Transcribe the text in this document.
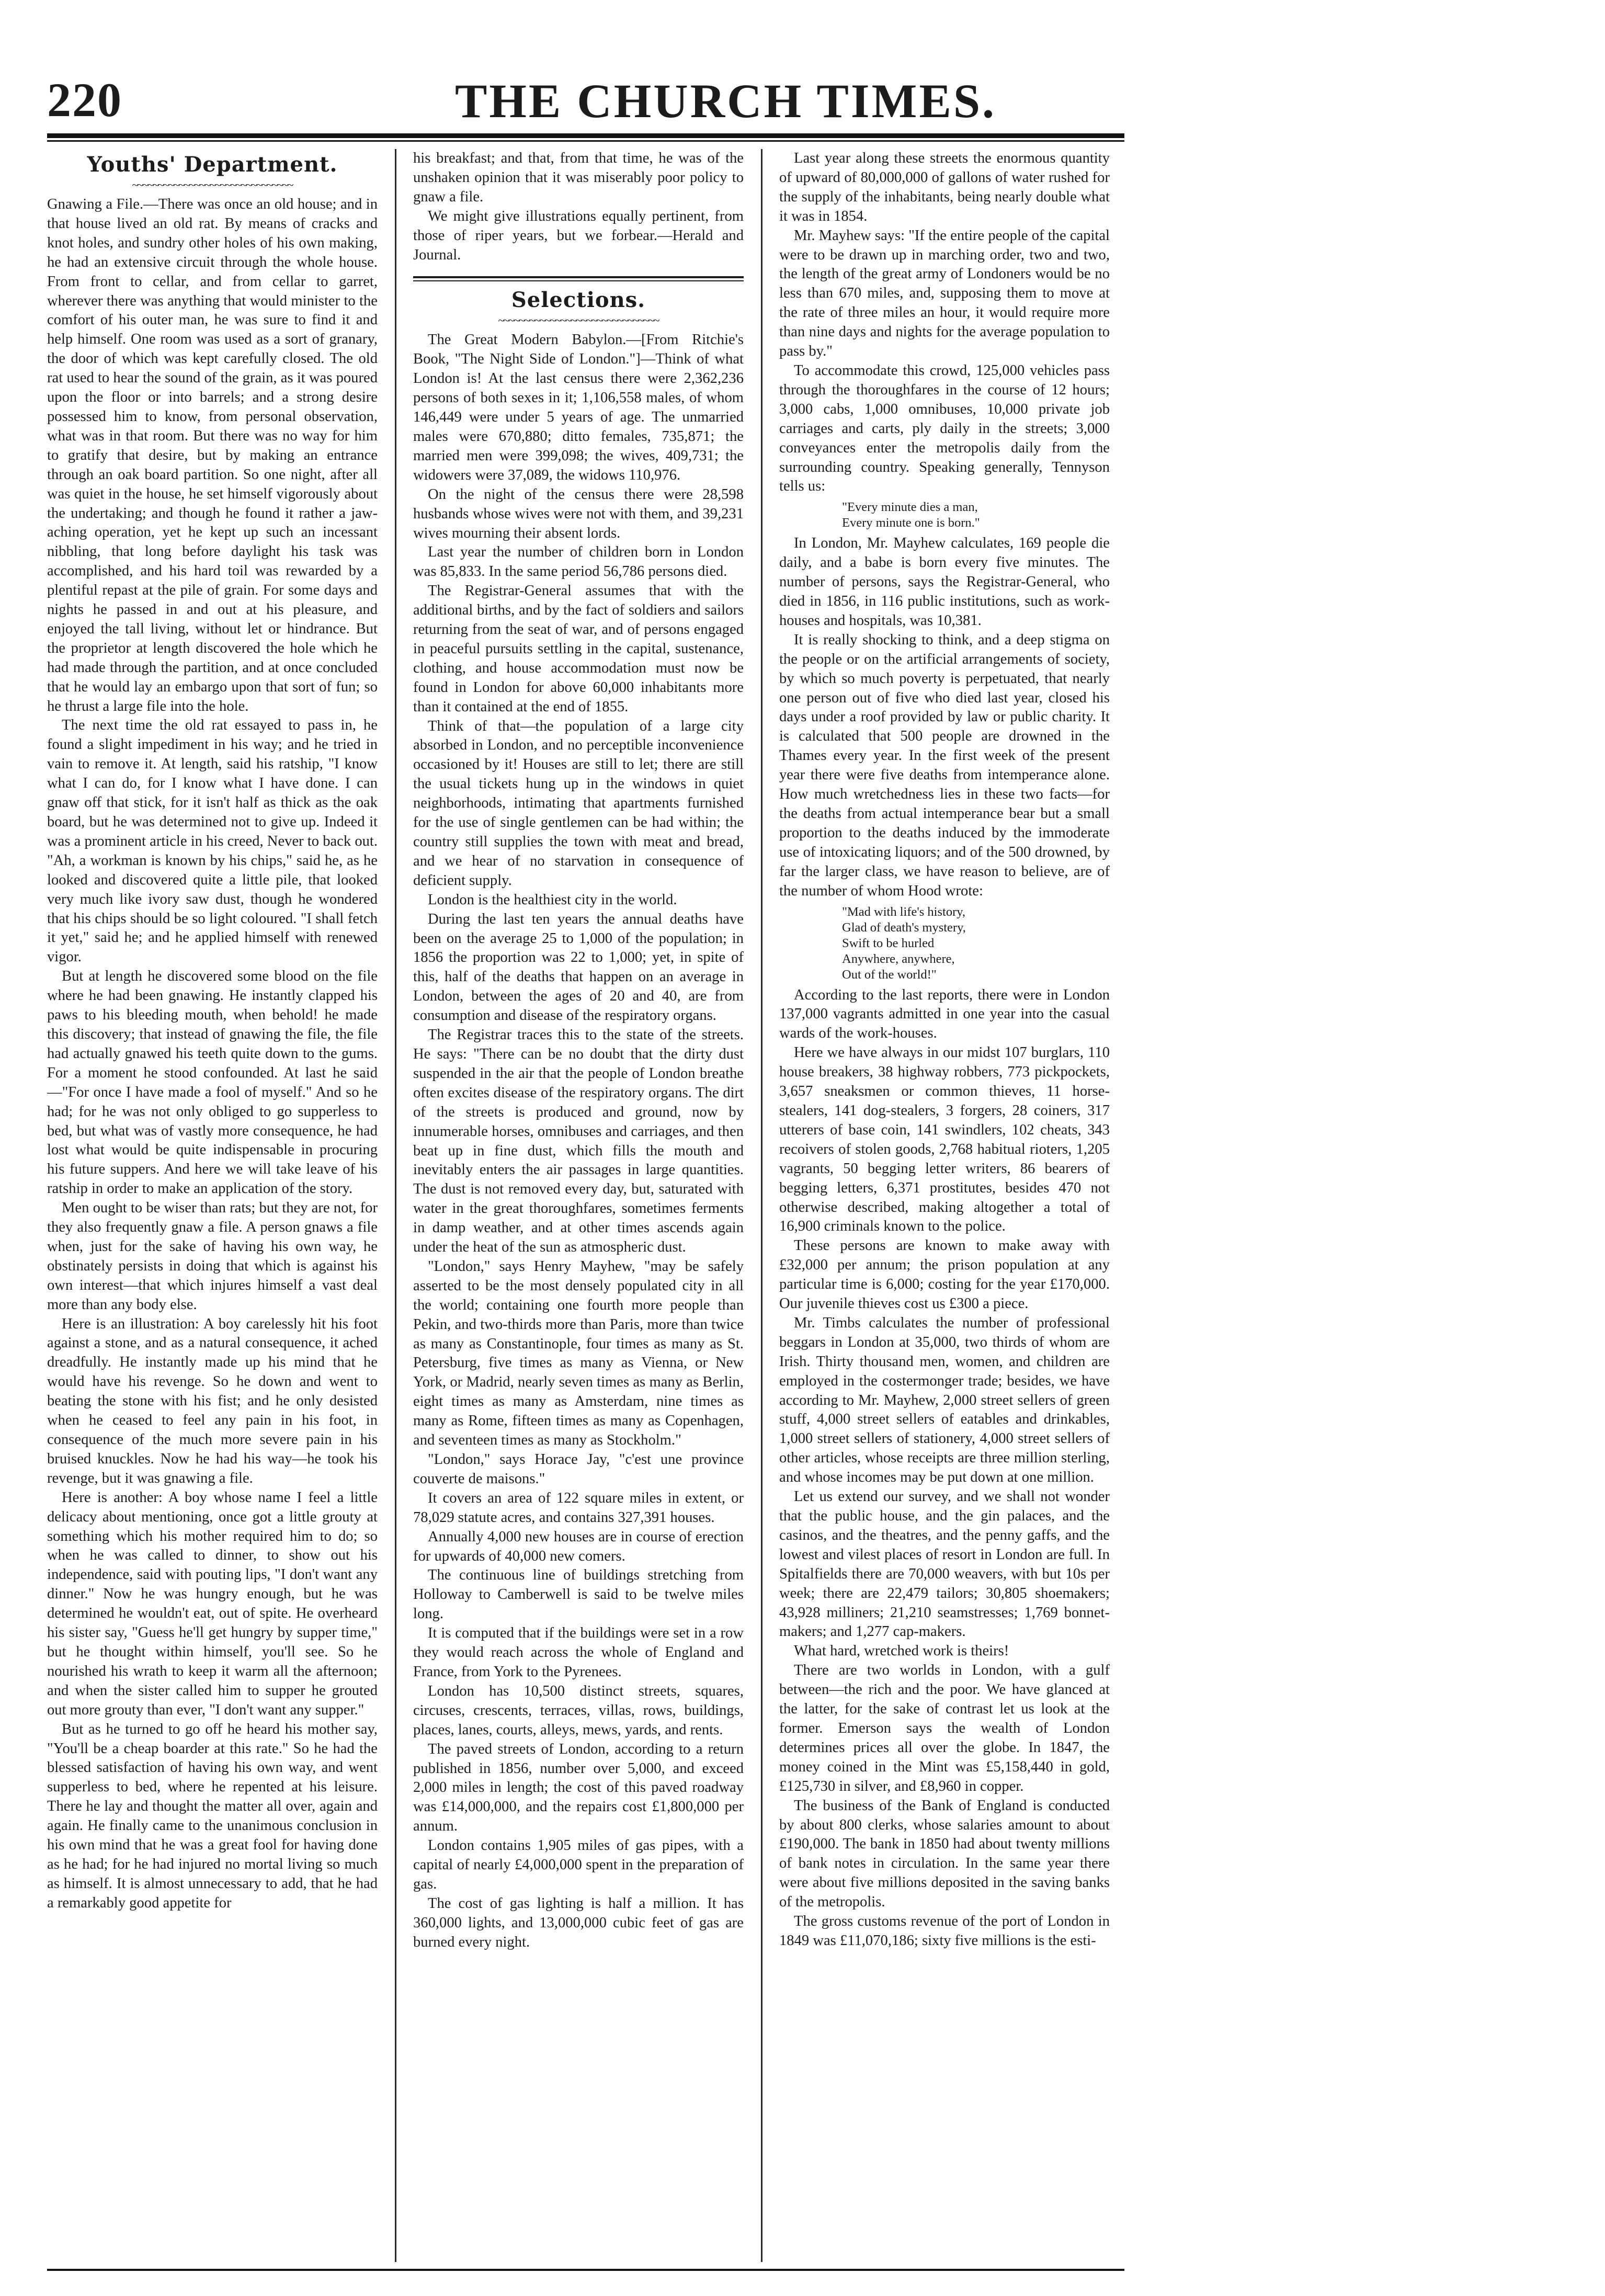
220	THE CHURCH TIMES.
Youths' Department.
~~~~~~~~~~~~~~~~~~~~~~~~~~~~~~~

Gnawing a File.—There was once an old house; and in that house lived an old rat. By means of cracks and knot holes, and sundry other holes of his own making, he had an extensive circuit through the whole house. From front to cellar, and from cellar to garret, wherever there was anything that would minister to the comfort of his outer man, he was sure to find it and help himself. One room was used as a sort of granary, the door of which was kept carefully closed. The old rat used to hear the sound of the grain, as it was poured upon the floor or into barrels; and a strong desire possessed him to know, from personal observation, what was in that room. But there was no way for him to gratify that desire, but by making an entrance through an oak board partition. So one night, after all was quiet in the house, he set himself vigorously about the undertaking; and though he found it rather a jaw-aching operation, yet he kept up such an incessant nibbling, that long before daylight his task was accomplished, and his hard toil was rewarded by a plentiful repast at the pile of grain. For some days and nights he passed in and out at his pleasure, and enjoyed the tall living, without let or hindrance. But the proprietor at length discovered the hole which he had made through the partition, and at once concluded that he would lay an embargo upon that sort of fun; so he thrust a large file into the hole.

The next time the old rat essayed to pass in, he found a slight impediment in his way; and he tried in vain to remove it. At length, said his ratship, "I know what I can do, for I know what I have done. I can gnaw off that stick, for it isn't half as thick as the oak board, but he was determined not to give up. Indeed it was a prominent article in his creed, Never to back out. "Ah, a workman is known by his chips," said he, as he looked and discovered quite a little pile, that looked very much like ivory saw dust, though he wondered that his chips should be so light coloured. "I shall fetch it yet," said he; and he applied himself with renewed vigor.

But at length he discovered some blood on the file where he had been gnawing. He instantly clapped his paws to his bleeding mouth, when behold! he made this discovery; that instead of gnawing the file, the file had actually gnawed his teeth quite down to the gums. For a moment he stood confounded. At last he said—"For once I have made a fool of myself." And so he had; for he was not only obliged to go supperless to bed, but what was of vastly more consequence, he had lost what would be quite indispensable in procuring his future suppers. And here we will take leave of his ratship in order to make an application of the story.

Men ought to be wiser than rats; but they are not, for they also frequently gnaw a file. A person gnaws a file when, just for the sake of having his own way, he obstinately persists in doing that which is against his own interest—that which injures himself a vast deal more than any body else.

Here is an illustration: A boy carelessly hit his foot against a stone, and as a natural consequence, it ached dreadfully. He instantly made up his mind that he would have his revenge. So he down and went to beating the stone with his fist; and he only desisted when he ceased to feel any pain in his foot, in consequence of the much more severe pain in his bruised knuckles. Now he had his way—he took his revenge, but it was gnawing a file.

Here is another: A boy whose name I feel a little delicacy about mentioning, once got a little grouty at something which his mother required him to do; so when he was called to dinner, to show out his independence, said with pouting lips, "I don't want any dinner." Now he was hungry enough, but he was determined he wouldn't eat, out of spite. He overheard his sister say, "Guess he'll get hungry by supper time," but he thought within himself, you'll see. So he nourished his wrath to keep it warm all the afternoon; and when the sister called him to supper he grouted out more grouty than ever, "I don't want any supper."

But as he turned to go off he heard his mother say, "You'll be a cheap boarder at this rate." So he had the blessed satisfaction of having his own way, and went supperless to bed, where he repented at his leisure. There he lay and thought the matter all over, again and again. He finally came to the unanimous conclusion in his own mind that he was a great fool for having done as he had; for he had injured no mortal living so much as himself. It is almost unnecessary to add, that he had a remarkably good appetite for

his breakfast; and that, from that time, he was of the unshaken opinion that it was miserably poor policy to gnaw a file.

We might give illustrations equally pertinent, from those of riper years, but we forbear.—Herald and Journal.

Selections.
~~~~~~~~~~~~~~~~~~~~~~~~~~~~~~~

The Great Modern Babylon.—[From Ritchie's Book, "The Night Side of London."]—Think of what London is! At the last census there were 2,362,236 persons of both sexes in it; 1,106,558 males, of whom 146,449 were under 5 years of age. The unmarried males were 670,880; ditto females, 735,871; the married men were 399,098; the wives, 409,731; the widowers were 37,089, the widows 110,976.

On the night of the census there were 28,598 husbands whose wives were not with them, and 39,231 wives mourning their absent lords.

Last year the number of children born in London was 85,833. In the same period 56,786 persons died.

The Registrar-General assumes that with the additional births, and by the fact of soldiers and sailors returning from the seat of war, and of persons engaged in peaceful pursuits settling in the capital, sustenance, clothing, and house accommodation must now be found in London for above 60,000 inhabitants more than it contained at the end of 1855.

Think of that—the population of a large city absorbed in London, and no perceptible inconvenience occasioned by it! Houses are still to let; there are still the usual tickets hung up in the windows in quiet neighborhoods, intimating that apartments furnished for the use of single gentlemen can be had within; the country still supplies the town with meat and bread, and we hear of no starvation in consequence of deficient supply.

London is the healthiest city in the world.

During the last ten years the annual deaths have been on the average 25 to 1,000 of the population; in 1856 the proportion was 22 to 1,000; yet, in spite of this, half of the deaths that happen on an average in London, between the ages of 20 and 40, are from consumption and disease of the respiratory organs.

The Registrar traces this to the state of the streets. He says: "There can be no doubt that the dirty dust suspended in the air that the people of London breathe often excites disease of the respiratory organs. The dirt of the streets is produced and ground, now by innumerable horses, omnibuses and carriages, and then beat up in fine dust, which fills the mouth and inevitably enters the air passages in large quantities. The dust is not removed every day, but, saturated with water in the great thoroughfares, sometimes ferments in damp weather, and at other times ascends again under the heat of the sun as atmospheric dust.

"London," says Henry Mayhew, "may be safely asserted to be the most densely populated city in all the world; containing one fourth more people than Pekin, and two-thirds more than Paris, more than twice as many as Constantinople, four times as many as St. Petersburg, five times as many as Vienna, or New York, or Madrid, nearly seven times as many as Berlin, eight times as many as Amsterdam, nine times as many as Rome, fifteen times as many as Copenhagen, and seventeen times as many as Stockholm."

"London," says Horace Jay, "c'est une province couverte de maisons."

It covers an area of 122 square miles in extent, or 78,029 statute acres, and contains 327,391 houses.

Annually 4,000 new houses are in course of erection for upwards of 40,000 new comers.

The continuous line of buildings stretching from Holloway to Camberwell is said to be twelve miles long.

It is computed that if the buildings were set in a row they would reach across the whole of England and France, from York to the Pyrenees.

London has 10,500 distinct streets, squares, circuses, crescents, terraces, villas, rows, buildings, places, lanes, courts, alleys, mews, yards, and rents.

The paved streets of London, according to a return published in 1856, number over 5,000, and exceed 2,000 miles in length; the cost of this paved roadway was £14,000,000, and the repairs cost £1,800,000 per annum.

London contains 1,905 miles of gas pipes, with a capital of nearly £4,000,000 spent in the preparation of gas.

The cost of gas lighting is half a million. It has 360,000 lights, and 13,000,000 cubic feet of gas are burned every night.

Last year along these streets the enormous quantity of upward of 80,000,000 of gallons of water rushed for the supply of the inhabitants, being nearly double what it was in 1854.

Mr. Mayhew says: "If the entire people of the capital were to be drawn up in marching order, two and two, the length of the great army of Londoners would be no less than 670 miles, and, supposing them to move at the rate of three miles an hour, it would require more than nine days and nights for the average population to pass by."

To accommodate this crowd, 125,000 vehicles pass through the thoroughfares in the course of 12 hours; 3,000 cabs, 1,000 omnibuses, 10,000 private job carriages and carts, ply daily in the streets; 3,000 conveyances enter the metropolis daily from the surrounding country. Speaking generally, Tennyson tells us:

"Every minute dies a man,
Every minute one is born."

In London, Mr. Mayhew calculates, 169 people die daily, and a babe is born every five minutes. The number of persons, says the Registrar-General, who died in 1856, in 116 public institutions, such as work-houses and hospitals, was 10,381.

It is really shocking to think, and a deep stigma on the people or on the artificial arrangements of society, by which so much poverty is perpetuated, that nearly one person out of five who died last year, closed his days under a roof provided by law or public charity. It is calculated that 500 people are drowned in the Thames every year. In the first week of the present year there were five deaths from intemperance alone. How much wretchedness lies in these two facts—for the deaths from actual intemperance bear but a small proportion to the deaths induced by the immoderate use of intoxicating liquors; and of the 500 drowned, by far the larger class, we have reason to believe, are of the number of whom Hood wrote:

"Mad with life's history,
Glad of death's mystery,
Swift to be hurled
Anywhere, anywhere,
Out of the world!"

According to the last reports, there were in London 137,000 vagrants admitted in one year into the casual wards of the work-houses.

Here we have always in our midst 107 burglars, 110 house breakers, 38 highway robbers, 773 pickpockets, 3,657 sneaksmen or common thieves, 11 horse-stealers, 141 dog-stealers, 3 forgers, 28 coiners, 317 utterers of base coin, 141 swindlers, 102 cheats, 343 recoivers of stolen goods, 2,768 habitual rioters, 1,205 vagrants, 50 begging letter writers, 86 bearers of begging letters, 6,371 prostitutes, besides 470 not otherwise described, making altogether a total of 16,900 criminals known to the police.

These persons are known to make away with £32,000 per annum; the prison population at any particular time is 6,000; costing for the year £170,000. Our juvenile thieves cost us £300 a piece.

Mr. Timbs calculates the number of professional beggars in London at 35,000, two thirds of whom are Irish. Thirty thousand men, women, and children are employed in the costermonger trade; besides, we have according to Mr. Mayhew, 2,000 street sellers of green stuff, 4,000 street sellers of eatables and drinkables, 1,000 street sellers of stationery, 4,000 street sellers of other articles, whose receipts are three million sterling, and whose incomes may be put down at one million.

Let us extend our survey, and we shall not wonder that the public house, and the gin palaces, and the casinos, and the theatres, and the penny gaffs, and the lowest and vilest places of resort in London are full. In Spitalfields there are 70,000 weavers, with but 10s per week; there are 22,479 tailors; 30,805 shoemakers; 43,928 milliners; 21,210 seamstresses; 1,769 bonnet-makers; and 1,277 cap-makers.

What hard, wretched work is theirs!

There are two worlds in London, with a gulf between—the rich and the poor. We have glanced at the latter, for the sake of contrast let us look at the former. Emerson says the wealth of London determines prices all over the globe. In 1847, the money coined in the Mint was £5,158,440 in gold, £125,730 in silver, and £8,960 in copper.

The business of the Bank of England is conducted by about 800 clerks, whose salaries amount to about £190,000. The bank in 1850 had about twenty millions of bank notes in circulation. In the same year there were about five millions deposited in the saving banks of the metropolis.

The gross customs revenue of the port of London in 1849 was £11,070,186; sixty five millions is the esti-
